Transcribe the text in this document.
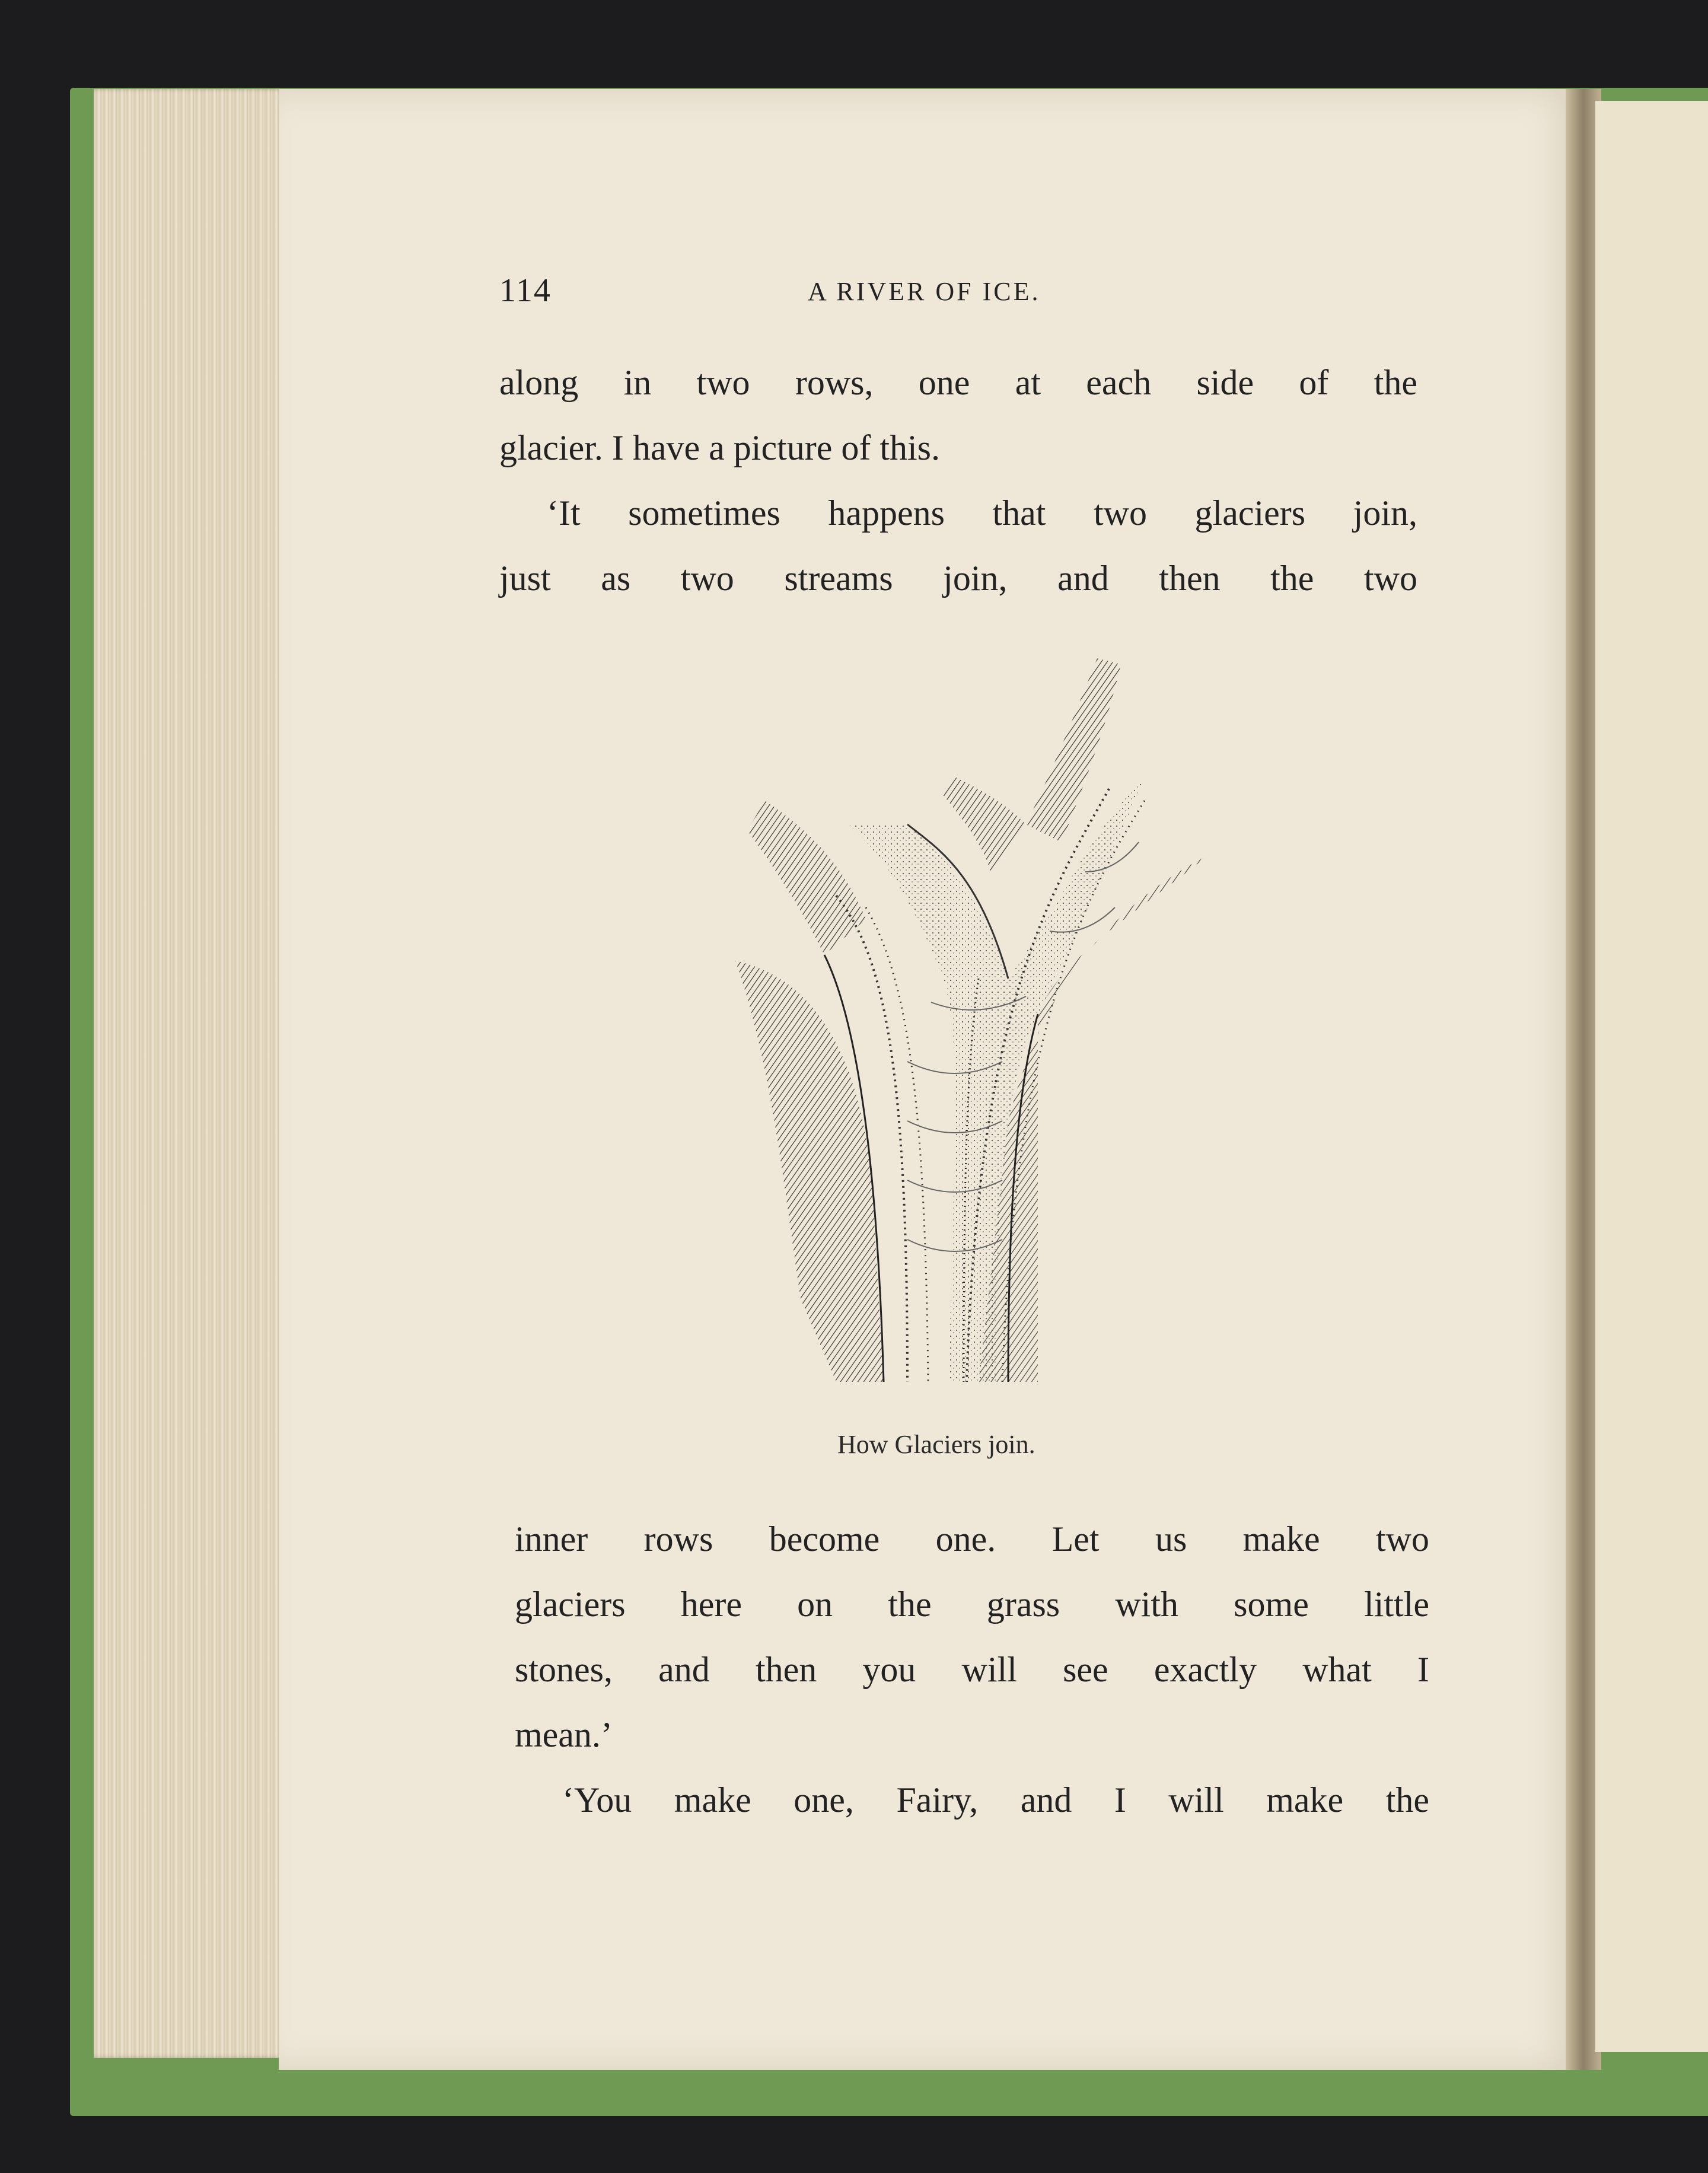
114	A RIVER OF ICE.
along in two rows, one at each side of the
glacier. I have a picture of this.
‘It sometimes happens that two glaciers join,
just as two streams join, and then the two
How Glaciers join.
inner rows become one. Let us make two
glaciers here on the grass with some little
stones, and then you will see exactly what I
mean.’
‘You make one, Fairy, and I will make the
